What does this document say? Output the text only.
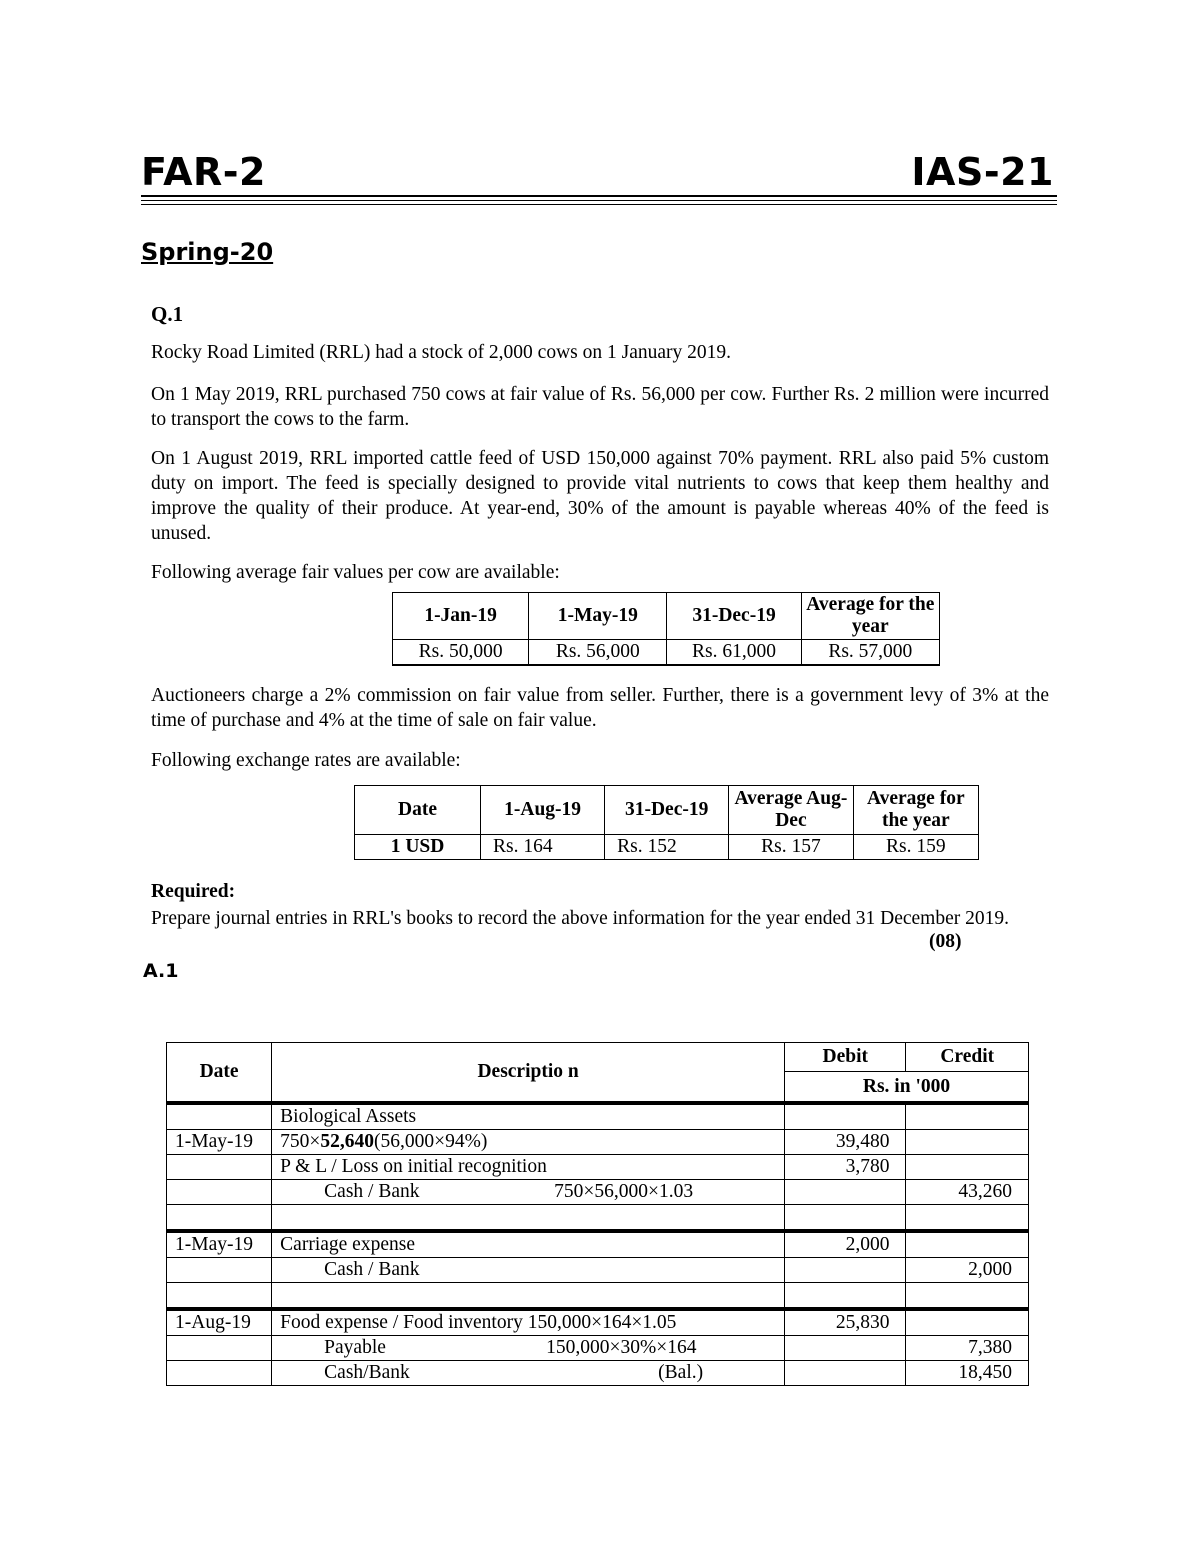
FAR-2	IAS-21
Spring-20
Q.1
Rocky Road Limited (RRL) had a stock of 2,000 cows on 1 January 2019.
On 1 May 2019, RRL purchased 750 cows at fair value of Rs. 56,000 per cow. Further Rs. 2 million were incurred to transport the cows to the farm.
On 1 August 2019, RRL imported cattle feed of USD 150,000 against 70% payment. RRL also paid 5% custom duty on import. The feed is specially designed to provide vital nutrients to cows that keep them healthy and improve the quality of their produce. At year-end, 30% of the amount is payable whereas 40% of the feed is unused.
Following average fair values per cow are available:
1-Jan-19	1-May-19	31-Dec-19	Average for the year
Rs. 50,000	Rs. 56,000	Rs. 61,000	Rs. 57,000
Auctioneers charge a 2% commission on fair value from seller. Further, there is a government levy of 3% at the time of purchase and 4% at the time of sale on fair value.
Following exchange rates are available:
Date	1-Aug-19	31-Dec-19	Average Aug-Dec	Average for the year
1 USD	Rs. 164	Rs. 152	Rs. 157	Rs. 159
Required:
Prepare journal entries in RRL's books to record the above information for the year ended 31 December 2019.
(08)
A.1
Date	Descriptio n	Debit	Credit
		Rs. in '000	
	Biological Assets		
1-May-19	750×52,640(56,000×94%)	39,480	
	P & L / Loss on initial recognition	3,780	
	Cash / Bank 750×56,000×1.03		43,260

1-May-19	Carriage expense	2,000	
	Cash / Bank		2,000

1-Aug-19	Food expense / Food inventory 150,000×164×1.05	25,830	
	Payable 150,000×30%×164		7,380
	Cash/Bank (Bal.)		18,450
